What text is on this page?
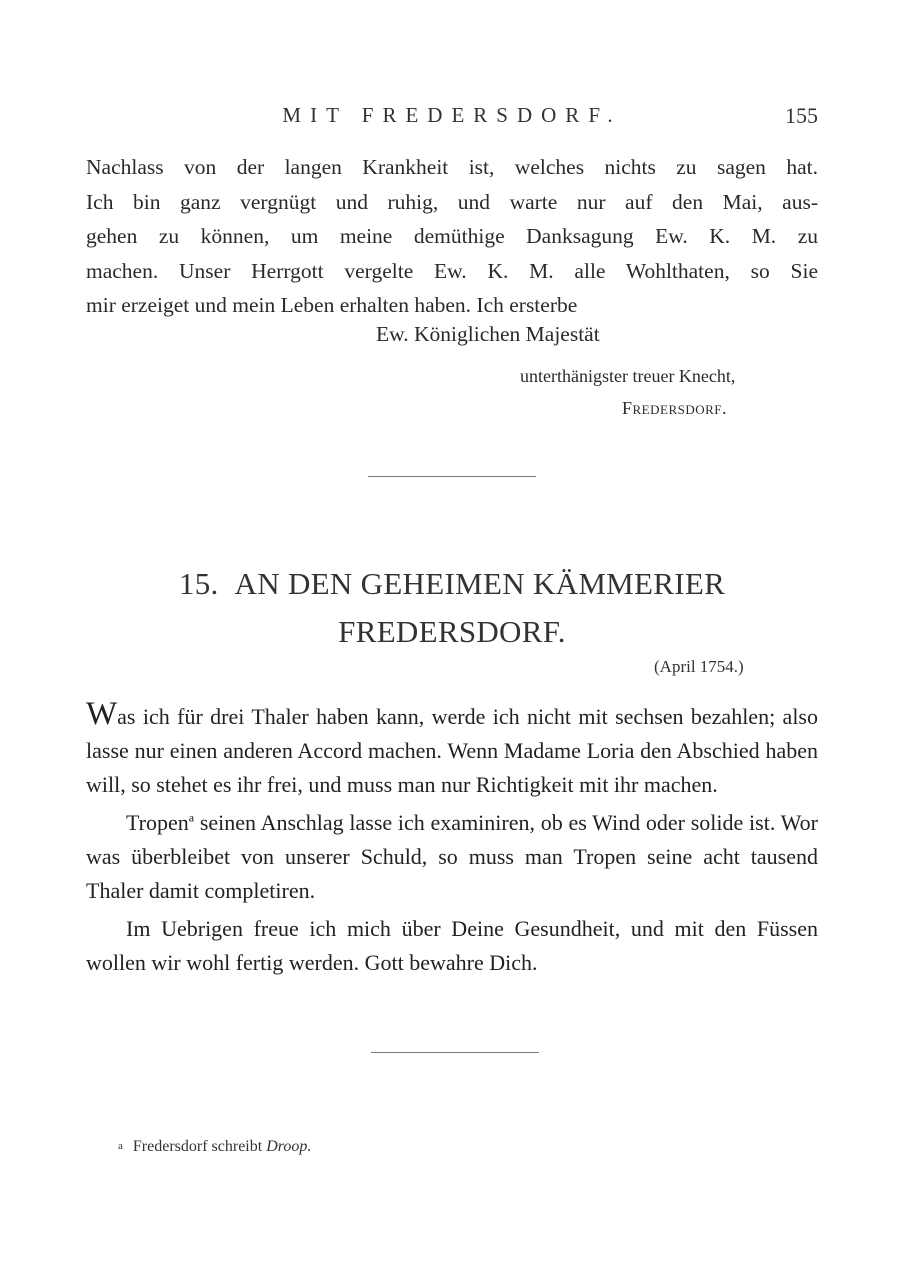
MIT FREDERSDORF.	155

Nachlass von der langen Krankheit ist, welches nichts zu sagen hat.

Ich bin ganz vergnügt und ruhig, und warte nur auf den Mai, aus-

gehen zu können, um meine demüthige Danksagung Ew. K. M. zu

machen. Unser Herrgott vergelte Ew. K. M. alle Wohlthaten, so Sie

mir erzeiget und mein Leben erhalten haben. Ich ersterbe

Ew. Königlichen Majestät
unterthänigster treuer Knecht,
Fredersdorf.
15. AN DEN GEHEIMEN KÄMMERIER
FREDERSDORF.
(April 1754.)

Was ich für drei Thaler haben kann, werde ich nicht mit sechsen bezahlen; also lasse nur einen anderen Accord machen. Wenn Madame Loria den Abschied haben will, so stehet es ihr frei, und muss man nur Richtigkeit mit ihr machen.

Tropen$^a$ seinen Anschlag lasse ich examiniren, ob es Wind oder solide ist. Wor was überbleibet von unserer Schuld, so muss man Tropen seine acht tausend Thaler damit completiren.

Im Uebrigen freue ich mich über Deine Gesundheit, und mit den Füssen wollen wir wohl fertig werden. Gott bewahre Dich.

a Fredersdorf schreibt Droop.
